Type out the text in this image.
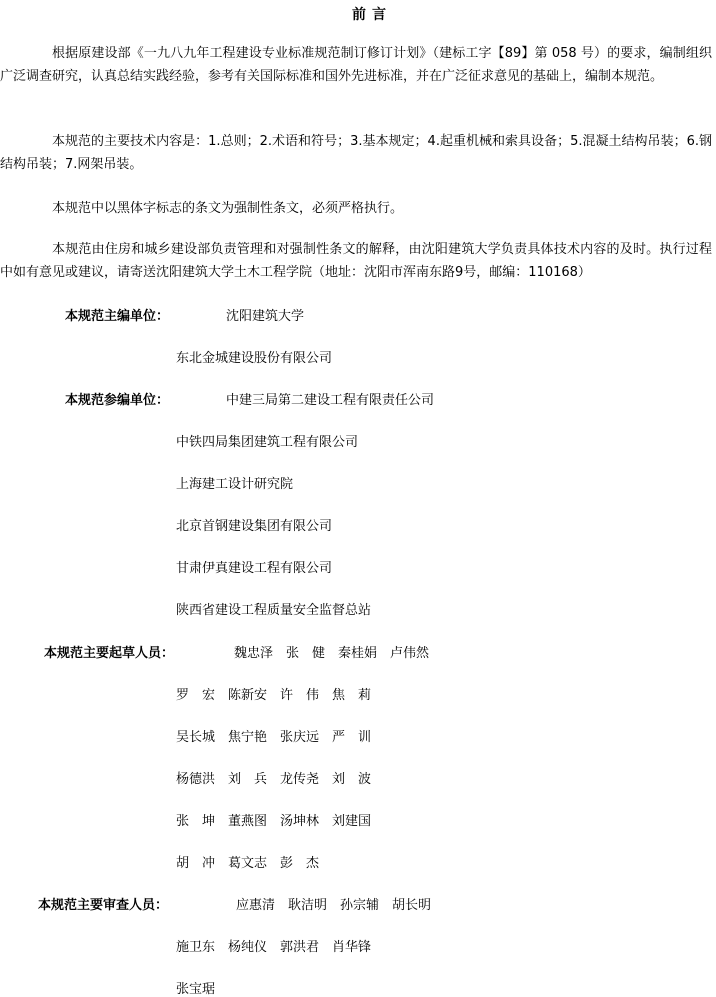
前言

根据原建设部《一九八九年工程建设专业标准规范制订修订计划》（建标工字【89】第 058 号）的要求，编制组织广泛调查研究，认真总结实践经验，参考有关国际标准和国外先进标准，并在广泛征求意见的基础上，编制本规范。

本规范的主要技术内容是：1.总则；2.术语和符号；3.基本规定；4.起重机械和索具设备；5.混凝土结构吊装；6.钢结构吊装；7.网架吊装。

本规范中以黑体字标志的条文为强制性条文，必须严格执行。

本规范由住房和城乡建设部负责管理和对强制性条文的解释，由沈阳建筑大学负责具体技术内容的及时。执行过程中如有意见或建议，请寄送沈阳建筑大学土木工程学院（地址：沈阳市浑南东路9号，邮编：110168）

本规范主编单位：	沈阳建筑大学
东北金城建设股份有限公司
本规范参编单位：	中建三局第二建设工程有限责任公司
中铁四局集团建筑工程有限公司
上海建工设计研究院
北京首钢建设集团有限公司
甘肃伊真建设工程有限公司
陕西省建设工程质量安全监督总站
本规范主要起草人员：	魏忠泽　张　健　秦桂娟　卢伟然
罗　宏　陈新安　许　伟　焦　莉
吴长城　焦宁艳　张庆远　严　训
杨德洪　刘　兵　龙传尧　刘　波
张　坤　董燕图　汤坤林　刘建国
胡　冲　葛文志　彭　杰
本规范主要审查人员：	应惠清　耿洁明　孙宗辅　胡长明
施卫东　杨纯仪　郭洪君　肖华锋
张宝琚
